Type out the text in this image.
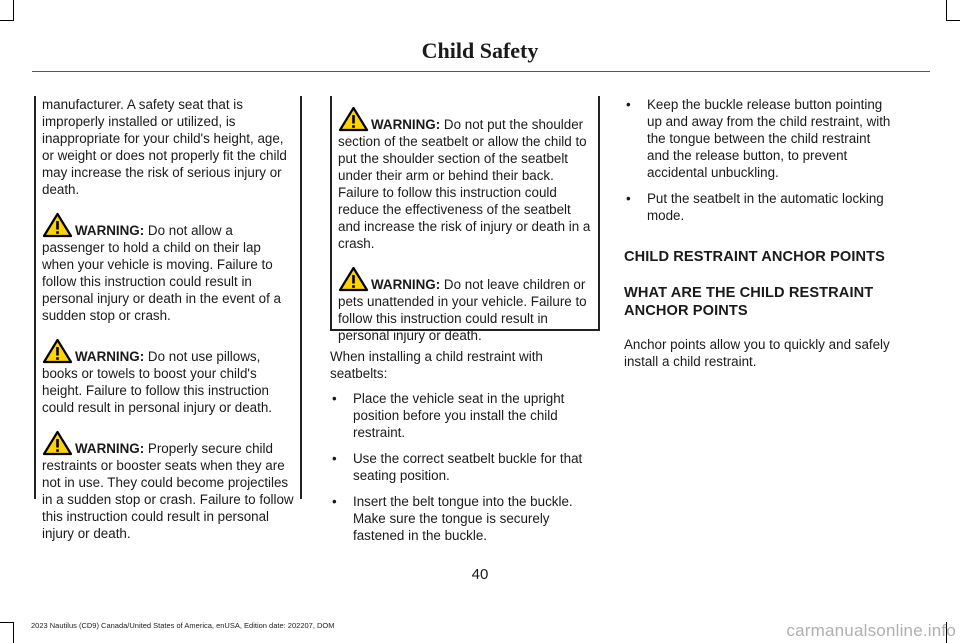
Child Safety

manufacturer. A safety seat that is improperly installed or utilized, is inappropriate for your child's height, age, or weight or does not properly fit the child may increase the risk of serious injury or death.

WARNING: Do not allow a passenger to hold a child on their lap when your vehicle is moving. Failure to follow this instruction could result in personal injury or death in the event of a sudden stop or crash.
WARNING: Do not use pillows, books or towels to boost your child's height. Failure to follow this instruction could result in personal injury or death.
WARNING: Properly secure child restraints or booster seats when they are not in use. They could become projectiles in a sudden stop or crash. Failure to follow this instruction could result in personal injury or death.
WARNING: Do not put the shoulder section of the seatbelt or allow the child to put the shoulder section of the seatbelt under their arm or behind their back. Failure to follow this instruction could reduce the effectiveness of the seatbelt and increase the risk of injury or death in a crash.
WARNING: Do not leave children or pets unattended in your vehicle. Failure to follow this instruction could result in personal injury or death.

When installing a child restraint with seatbelts:

• Place the vehicle seat in the upright position before you install the child restraint.
• Use the correct seatbelt buckle for that seating position.
• Insert the belt tongue into the buckle. Make sure the tongue is securely fastened in the buckle.
• Keep the buckle release button pointing up and away from the child restraint, with the tongue between the child restraint and the release button, to prevent accidental unbuckling.
• Put the seatbelt in the automatic locking mode.
CHILD RESTRAINT ANCHOR POINTS
WHAT ARE THE CHILD RESTRAINT ANCHOR POINTS

Anchor points allow you to quickly and safely install a child restraint.

40
2023 Nautilus (CD9) Canada/United States of America, enUSA, Edition date: 202207, DOM	carmanualsonline.info
